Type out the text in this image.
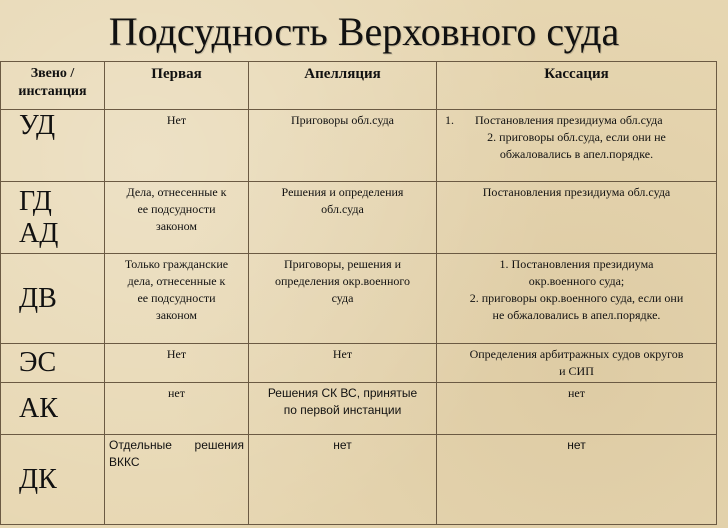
Подсудность Верховного суда
Звено /
инстанция	Первая	Апелляция	Кассация

УД	Нет	Приговоры обл.суда	1. Постановления президиума обл.суда
2. приговоры обл.суда, если они не
обжаловались в апел.порядке.

ГД
АД	Дела, отнесенные к
ее подсудности
законом	Решения и определения
обл.суда	Постановления президиума обл.суда

ДВ	Только гражданские
дела, отнесенные к
ее подсудности
законом	Приговоры, решения и
определения окр.военного
суда	1. Постановления президиума
окр.военного суда;
2. приговоры окр.военного суда, если они
не обжаловались в апел.порядке.

ЭС	Нет	Нет	Определения арбитражных судов округов
и СИП

АК	нет	Решения СК ВС, принятые
по первой инстанции	нет

ДК	Отдельные решения
ВККС	нет	нет
